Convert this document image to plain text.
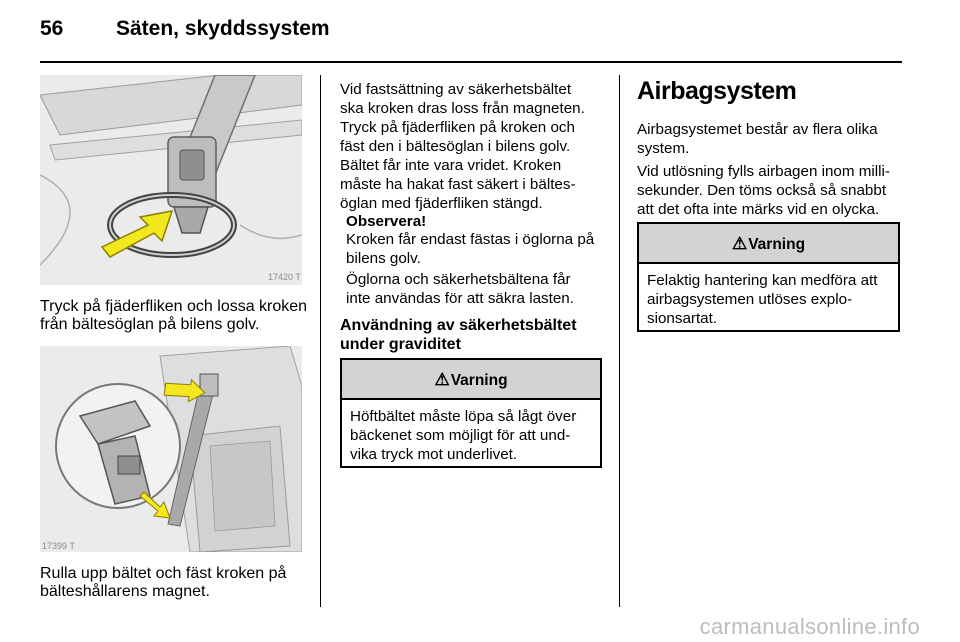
56	Säten, skyddssystem
17420 T
Tryck på fjäderfliken och lossa kroken
från bältesöglan på bilens golv.
17399 T
Rulla upp bältet och fäst kroken på
bälteshållarens magnet.
Vid fastsättning av säkerhetsbältet
ska kroken dras loss från magneten.
Tryck på fjäderfliken på kroken och
fäst den i bältesöglan i bilens golv.
Bältet får inte vara vridet. Kroken
måste ha hakat fast säkert i bältes-
öglan med fjäderfliken stängd.
Observera!
Kroken får endast fästas i öglorna på
bilens golv.
Öglorna och säkerhetsbältena får
inte användas för att säkra lasten.
Användning av säkerhetsbältet
under graviditet
⚠Varning
Höftbältet måste löpa så lågt över
bäckenet som möjligt för att und-
vika tryck mot underlivet.
Airbagsystem
Airbagsystemet består av flera olika
system.
Vid utlösning fylls airbagen inom milli-
sekunder. Den töms också så snabbt
att det ofta inte märks vid en olycka.
⚠Varning
Felaktig hantering kan medföra att
airbagsystemen utlöses explo-
sionsartat.
carmanualsonline.info
